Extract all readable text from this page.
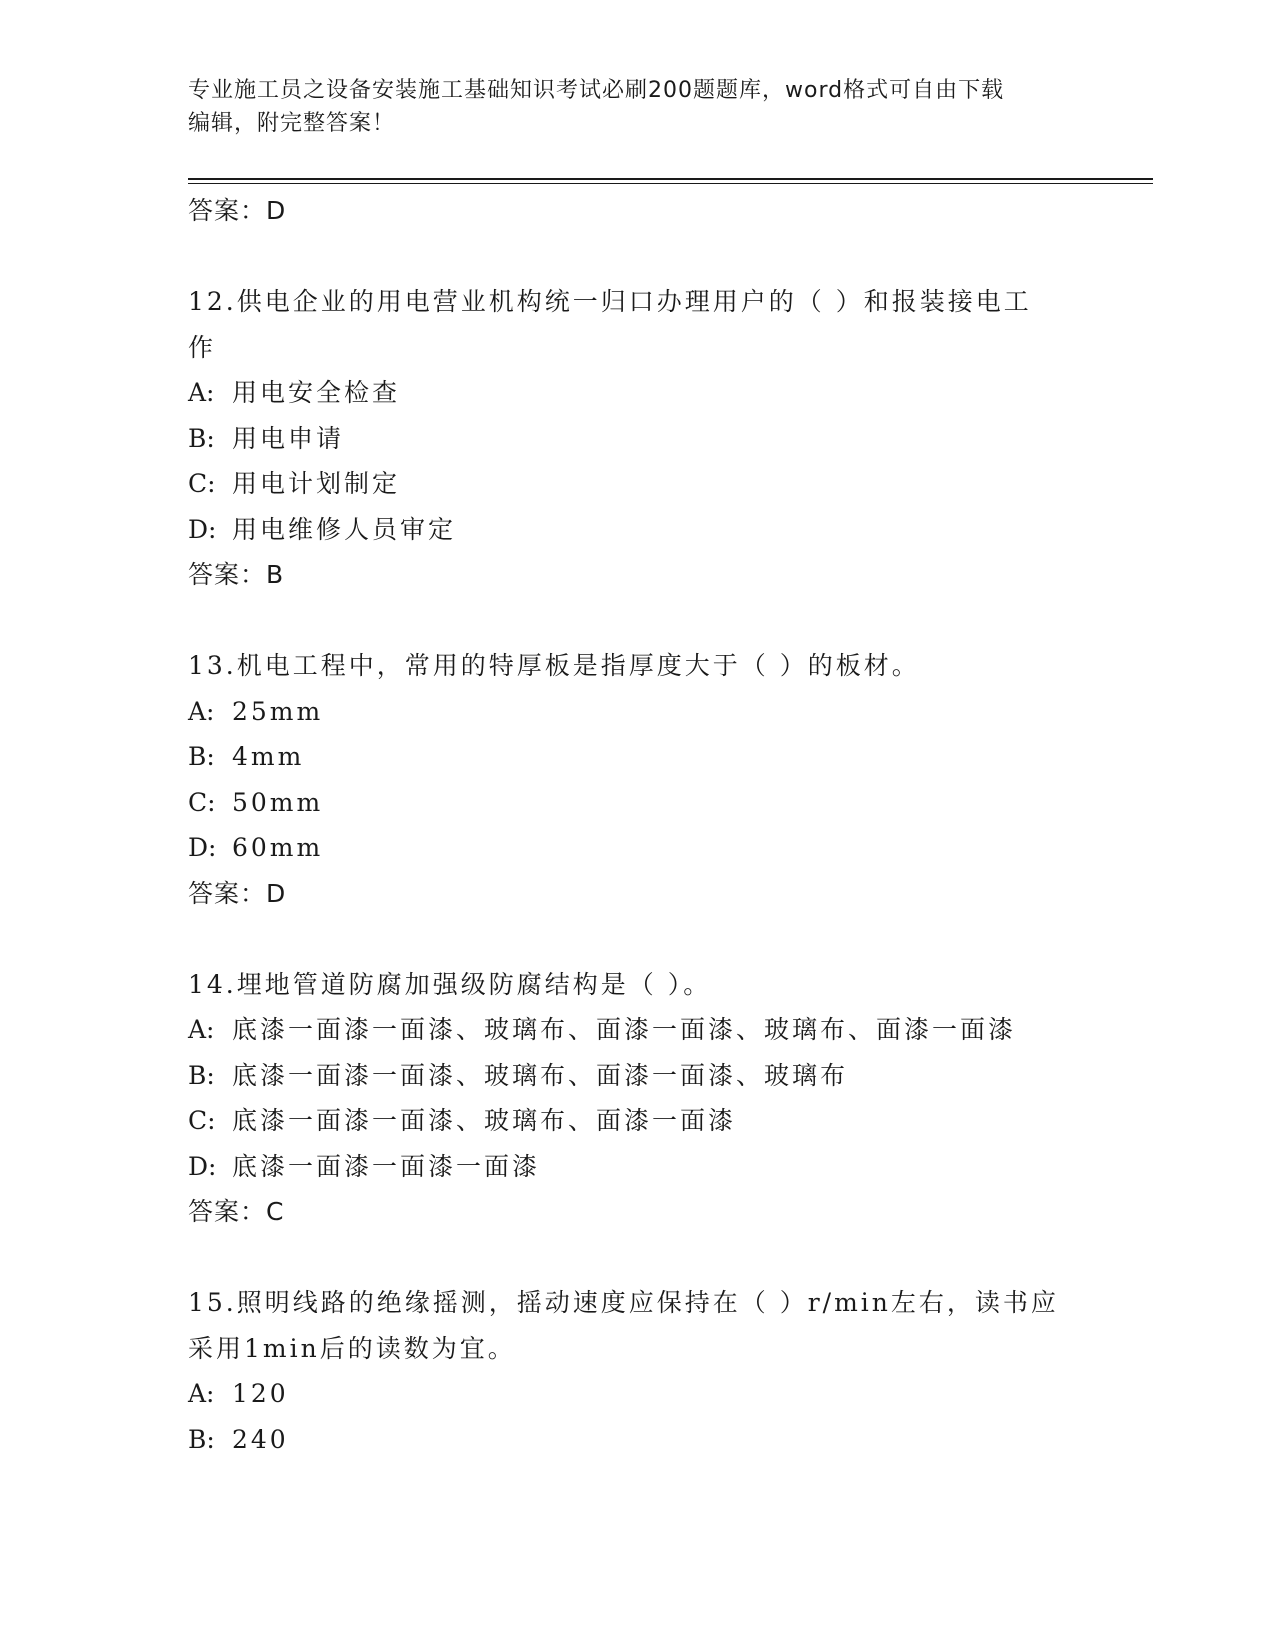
专业施工员之设备安装施工基础知识考试必刷200题题库，word格式可自由下载
编辑，附完整答案！
答案：D
12.供电企业的用电营业机构统一归口办理用户的（ ）和报装接电工
作
A: 用电安全检查
B: 用电申请
C: 用电计划制定
D: 用电维修人员审定
答案：B
13.机电工程中，常用的特厚板是指厚度大于（ ）的板材。
A: 25mm
B: 4mm
C: 50mm
D: 60mm
答案：D
14.埋地管道防腐加强级防腐结构是（ ）。
A: 底漆一面漆一面漆、玻璃布、面漆一面漆、玻璃布、面漆一面漆
B: 底漆一面漆一面漆、玻璃布、面漆一面漆、玻璃布
C: 底漆一面漆一面漆、玻璃布、面漆一面漆
D: 底漆一面漆一面漆一面漆
答案：C
15.照明线路的绝缘摇测，摇动速度应保持在（ ）r/min左右，读书应
采用1min后的读数为宜。
A: 120
B: 240
